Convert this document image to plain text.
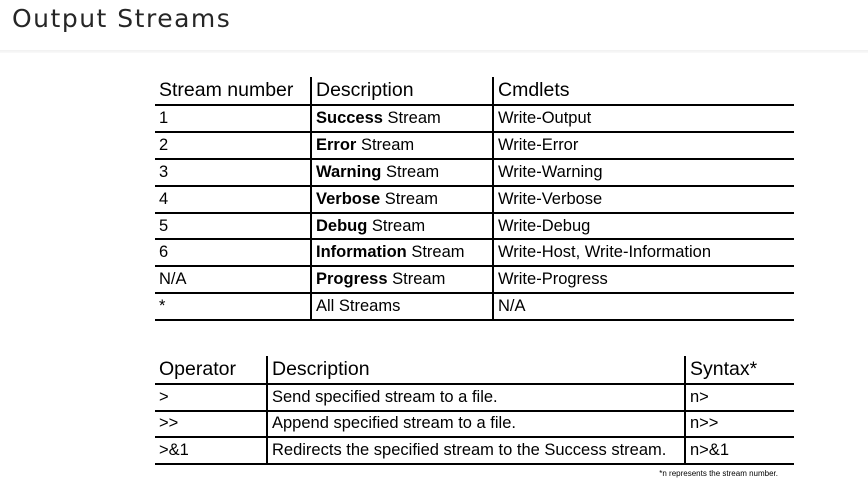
Output Streams
Stream number	Description	Cmdlets
1	Success Stream	Write-Output
2	Error Stream	Write-Error
3	Warning Stream	Write-Warning
4	Verbose Stream	Write-Verbose
5	Debug Stream	Write-Debug
6	Information Stream	Write-Host, Write-Information
N/A	Progress Stream	Write-Progress
*	All Streams	N/A
Operator	Description	Syntax*
>	Send specified stream to a file.	n>
>>	Append specified stream to a file.	n>>
>&1	Redirects the specified stream to the Success stream.	n>&1
*n represents the stream number.
